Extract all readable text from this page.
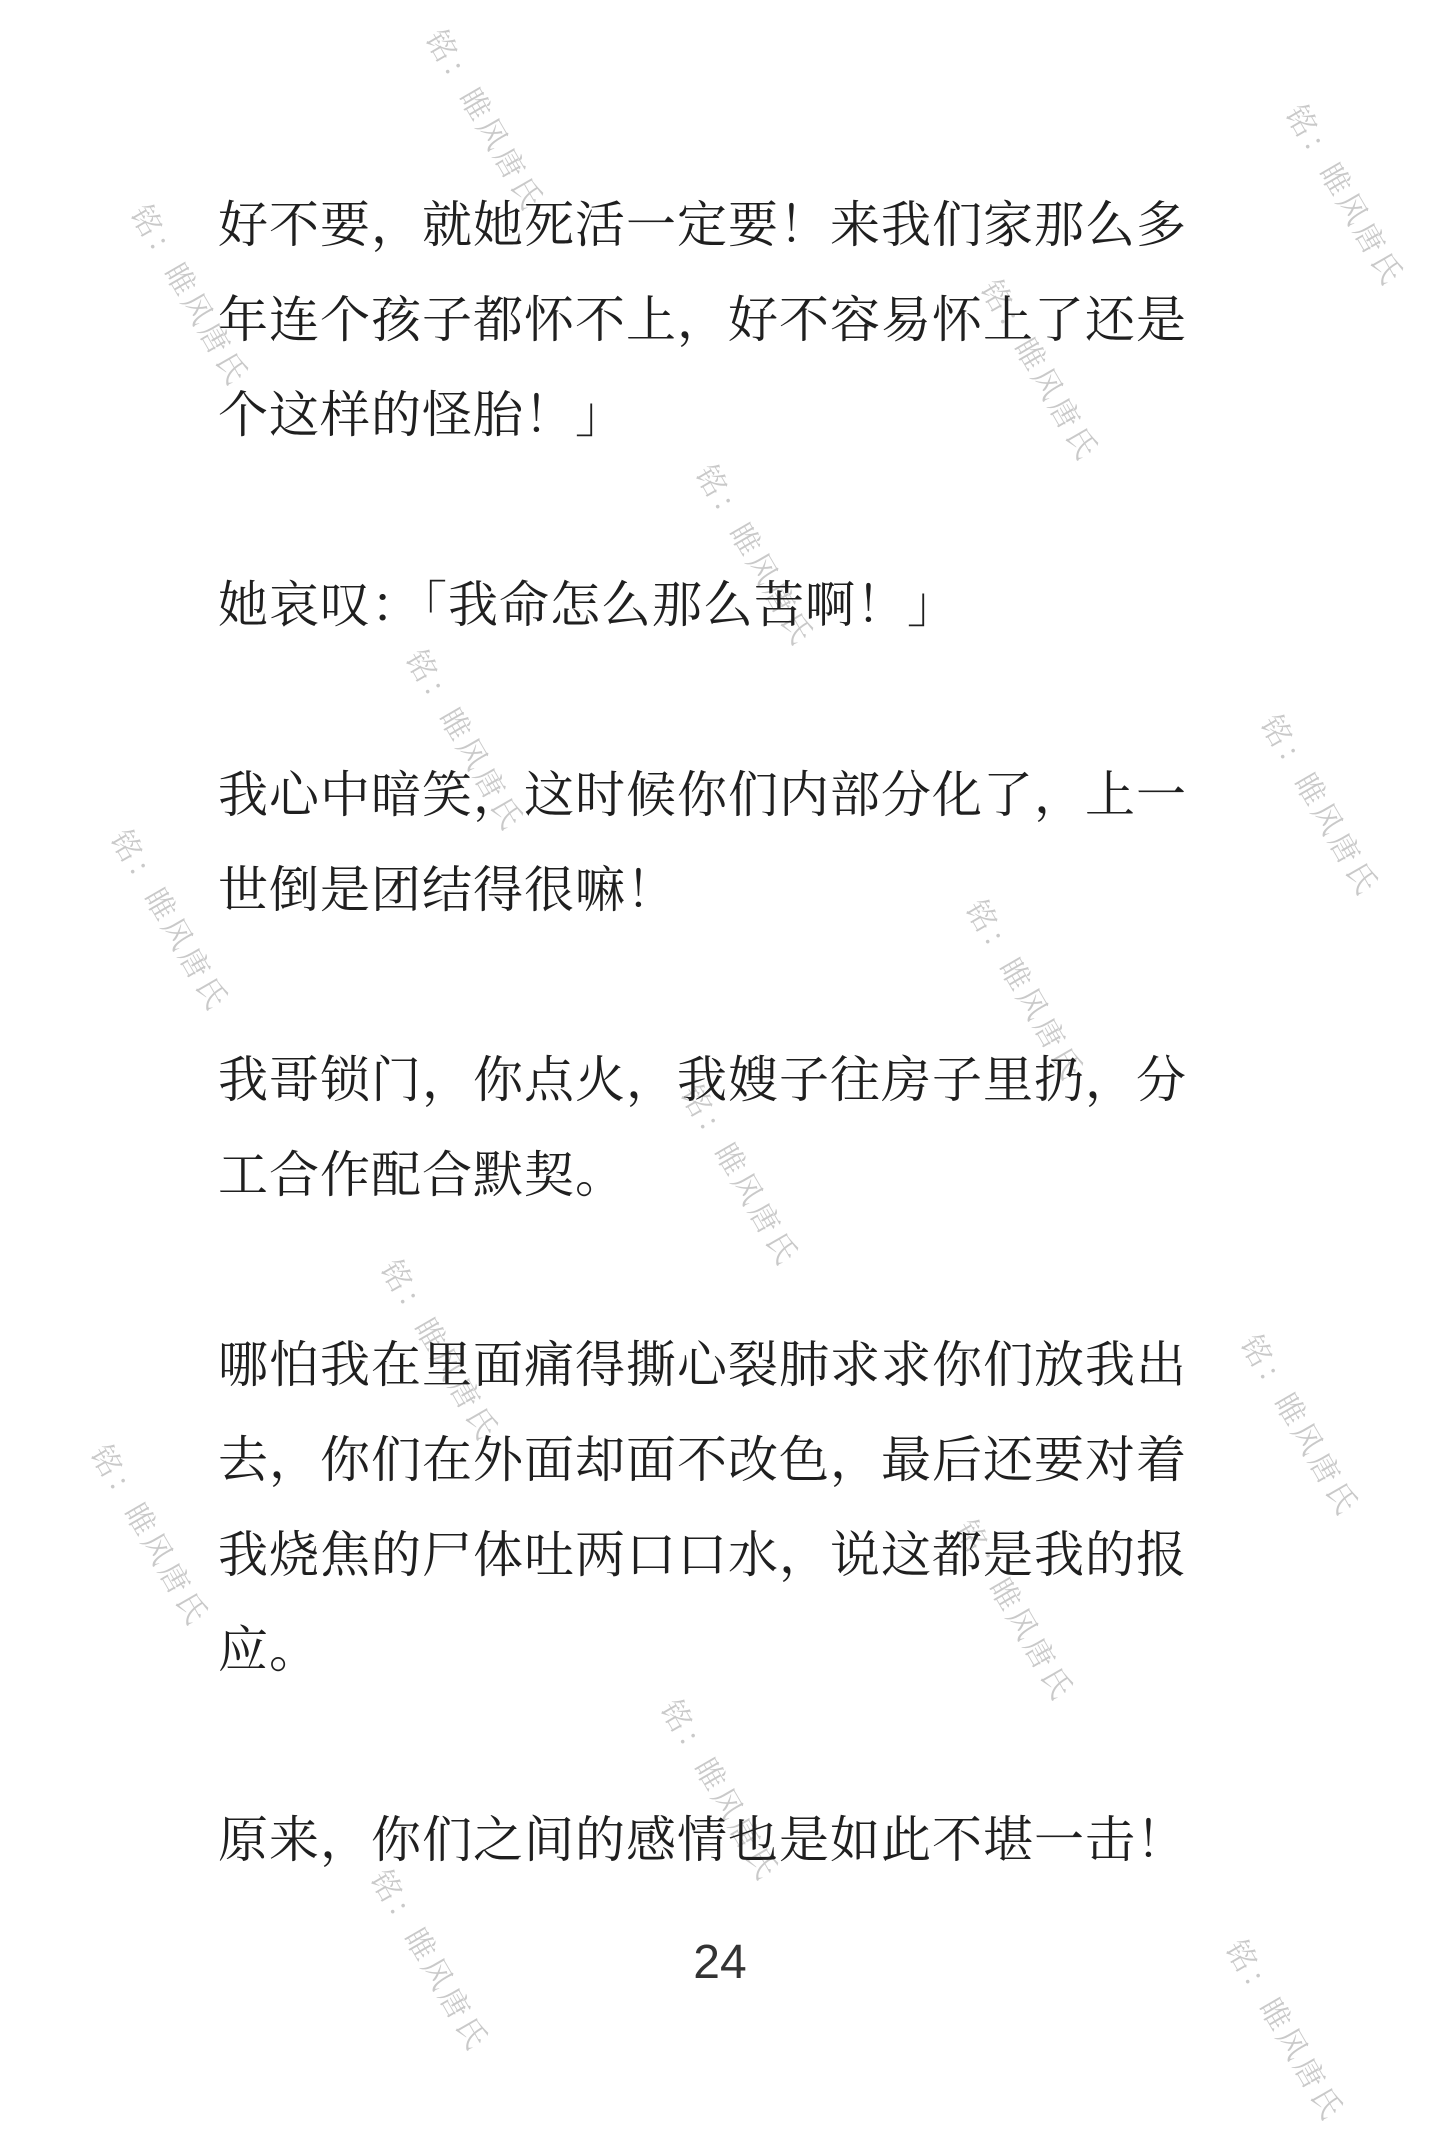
铭：睢风唐氏	铭：睢风唐氏
铭：睢风唐氏	铭：睢风唐氏
铭：睢风唐氏
铭：睢风唐氏
铭：睢风唐氏
铭：睢风唐氏	铭：睢风唐氏
铭：睢风唐氏
铭：睢风唐氏	铭：睢风唐氏
铭：睢风唐氏	铭：睢风唐氏
铭：睢风唐氏
铭：睢风唐氏	铭：睢风唐氏

好不要，就她死活一定要！来我们家那么多年连个孩子都怀不上，好不容易怀上了还是个这样的怪胎！」

她哀叹：「我命怎么那么苦啊！」

我心中暗笑，这时候你们内部分化了，上一世倒是团结得很嘛！

我哥锁门，你点火，我嫂子往房子里扔，分工合作配合默契。

哪怕我在里面痛得撕心裂肺求求你们放我出去，你们在外面却面不改色，最后还要对着我烧焦的尸体吐两口口水，说这都是我的报应。

原来，你们之间的感情也是如此不堪一击！

24
